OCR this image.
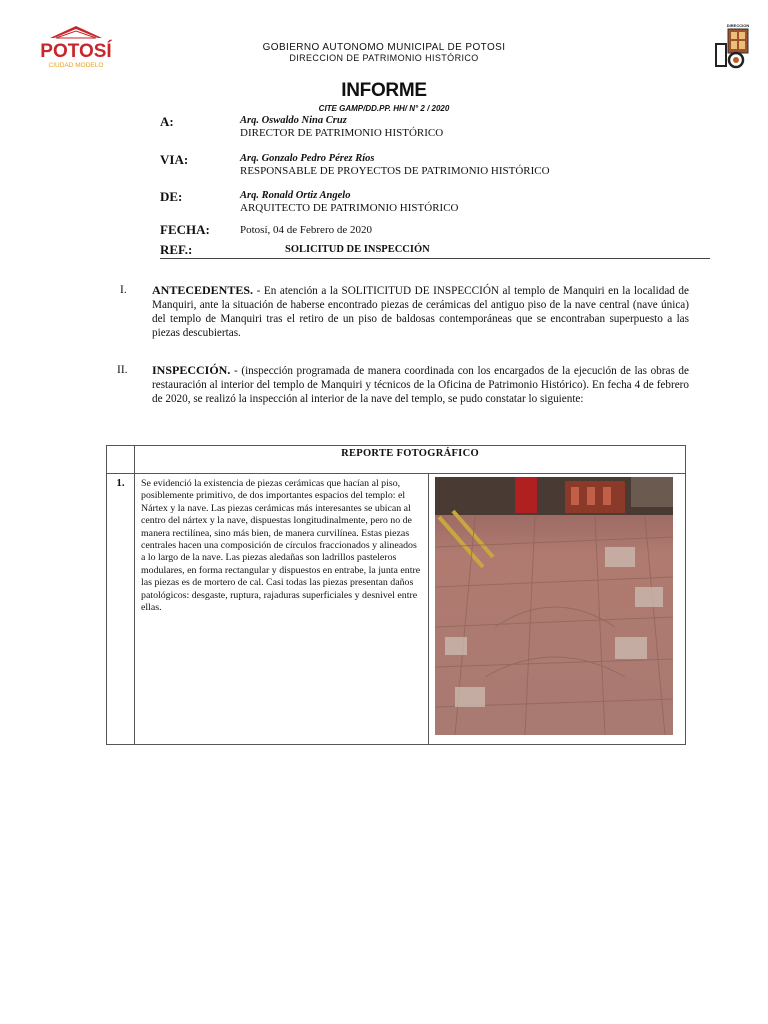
POTOSÍ
CIUDAD MODELO
DIRECCION
GOBIERNO AUTONOMO MUNICIPAL DE POTOSI
DIRECCION DE PATRIMONIO HISTÓRICO
INFORME
CITE GAMP/DD.PP. HH/ N° 2 / 2020
A:	Arq. Oswaldo Nina Cruz
DIRECTOR DE PATRIMONIO HISTÓRICO
VIA:	Arq. Gonzalo Pedro Pérez Ríos
RESPONSABLE DE PROYECTOS DE PATRIMONIO HISTÓRICO
DE:	Arq. Ronald Ortiz Angelo
ARQUITECTO DE PATRIMONIO HISTÓRICO
FECHA:	Potosí, 04 de Febrero de 2020
REF.:	SOLICITUD DE INSPECCIÓN
I. ANTECEDENTES. - En atención a la SOLITICITUD DE INSPECCIÓN al templo de Manquiri en la localidad de Manquiri, ante la situación de haberse encontrado piezas de cerámicas del antiguo piso de la nave central (nave única) del templo de Manquiri tras el retiro de un piso de baldosas contemporáneas que se encontraban superpuesto a las piezas descubiertas.
II. INSPECCIÓN. - (inspección programada de manera coordinada con los encargados de la ejecución de las obras de restauración al interior del templo de Manquiri y técnicos de la Oficina de Patrimonio Histórico). En fecha 4 de febrero de 2020, se realizó la inspección al interior de la nave del templo, se pudo constatar lo siguiente:
	REPORTE FOTOGRÁFICO	
1.	Se evidenció la existencia de piezas cerámicas que hacían al piso, posiblemente primitivo, de dos importantes espacios del templo: el Nártex y la nave. Las piezas cerámicas más interesantes se ubican al centro del nártex y la nave, dispuestas longitudinalmente, pero no de manera rectilínea, sino más bien, de manera curvilínea. Estas piezas centrales hacen una composición de círculos fraccionados y alineados a lo largo de la nave. Las piezas aledañas son ladrillos pasteleros modulares, en forma rectangular y dispuestos en entrabe, la junta entre las piezas es de mortero de cal. Casi todas las piezas presentan daños patológicos: desgaste, ruptura, rajaduras superficiales y desnivel entre ellas.
